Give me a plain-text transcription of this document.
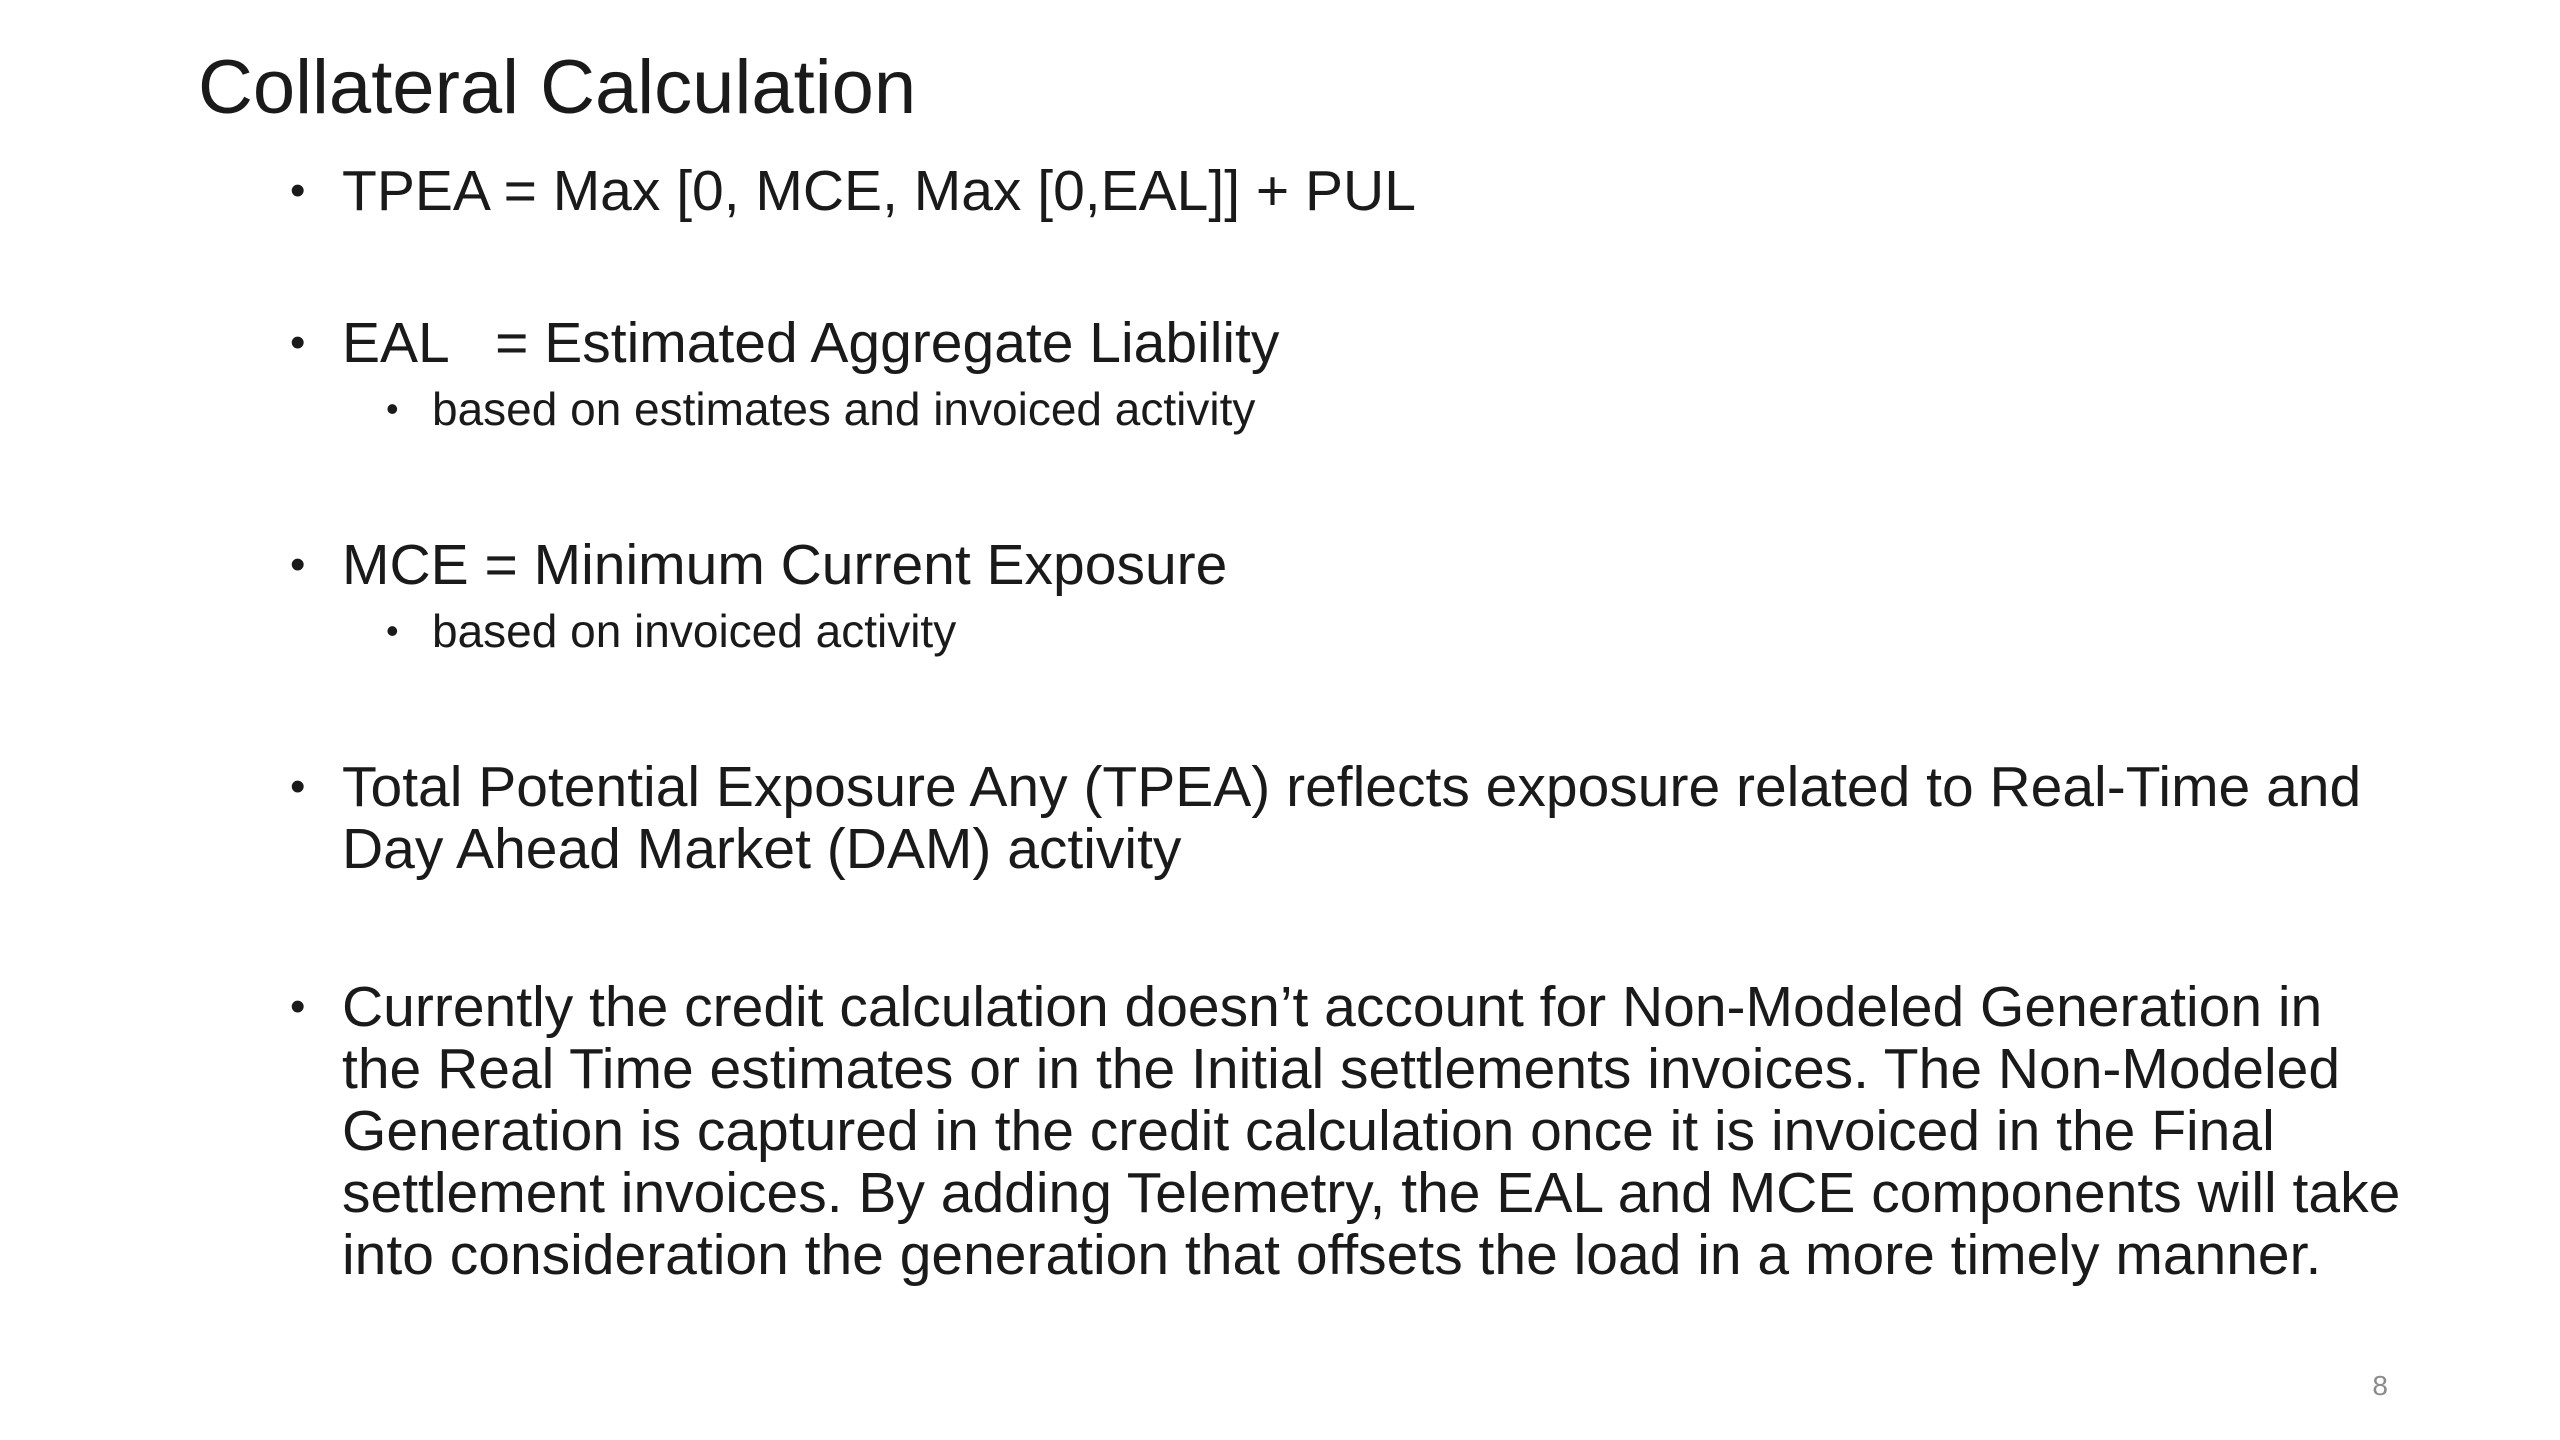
Collateral Calculation
• TPEA = Max [0, MCE, Max [0,EAL]] + PUL
• EAL   = Estimated Aggregate Liability
• based on estimates and invoiced activity
• MCE = Minimum Current Exposure
• based on invoiced activity
• Total Potential Exposure Any (TPEA) reflects exposure related to Real-Time and Day Ahead Market (DAM) activity
• Currently the credit calculation doesn’t account for Non-Modeled Generation in the Real Time estimates or in the Initial settlements invoices. The Non-Modeled Generation is captured in the credit calculation once it is invoiced in the Final settlement invoices. By adding Telemetry, the EAL and MCE components will take into consideration the generation that offsets the load in a more timely manner.
8
